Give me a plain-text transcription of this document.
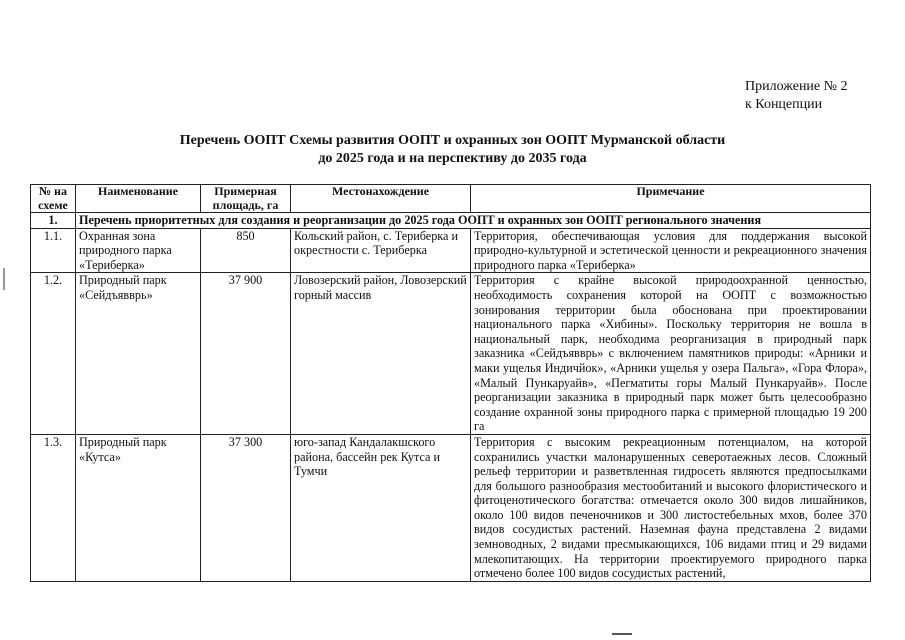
Приложение № 2
к Концепции
Перечень ООПТ Схемы развития ООПТ и охранных зон ООПТ Мурманской области
до 2025 года и на перспективу до 2035 года
№ на схеме	Наименование	Примерная площадь, га	Местонахождение	Примечание
1.	Перечень приоритетных для создания и реорганизации до 2025 года ООПТ и охранных зон ООПТ регионального значения			
1.1.	Охранная зона природного парка «Териберка»	850	Кольский район, с. Териберка и окрестности с. Териберка	Территория, обеспечивающая условия для поддержания высокой природно-культурной и эстетической ценности и рекреационного значения природного парка «Териберка»
1.2.	Природный парк «Сейдъявврь»	37 900	Ловозерский район, Ловозерский горный массив	Территория с крайне высокой природоохранной ценностью, необходимость сохранения которой на ООПТ с возможностью зонирования территории была обоснована при проектировании национального парка «Хибины». Поскольку территория не вошла в национальный парк, необходима реорганизация в природный парк заказника «Сейдъявврь» с включением памятников природы: «Арники и маки ущелья Индичйок», «Арники ущелья у озера Пальга», «Гора Флора», «Малый Пункаруайв», «Пегматиты горы Малый Пункаруайв». После реорганизации заказника в природный парк может быть целесообразно создание охранной зоны природного парка с примерной площадью 19 200 га
1.3.	Природный парк «Кутса»	37 300	юго-запад Кандалакшского района, бассейн рек Кутса и Тумчи	Территория с высоким рекреационным потенциалом, на которой сохранились участки малонарушенных северотаежных лесов. Сложный рельеф территории и разветвленная гидросеть являются предпосылками для большого разнообразия местообитаний и высокого флористического и фитоценотического богатства: отмечается около 300 видов лишайников, около 100 видов печеночников и 300 листостебельных мхов, более 370 видов сосудистых растений. Наземная фауна представлена 2 видами земноводных, 2 видами пресмыкающихся, 106 видами птиц и 29 видами млекопитающих. На территории проектируемого природного парка отмечено более 100 видов сосудистых растений,
